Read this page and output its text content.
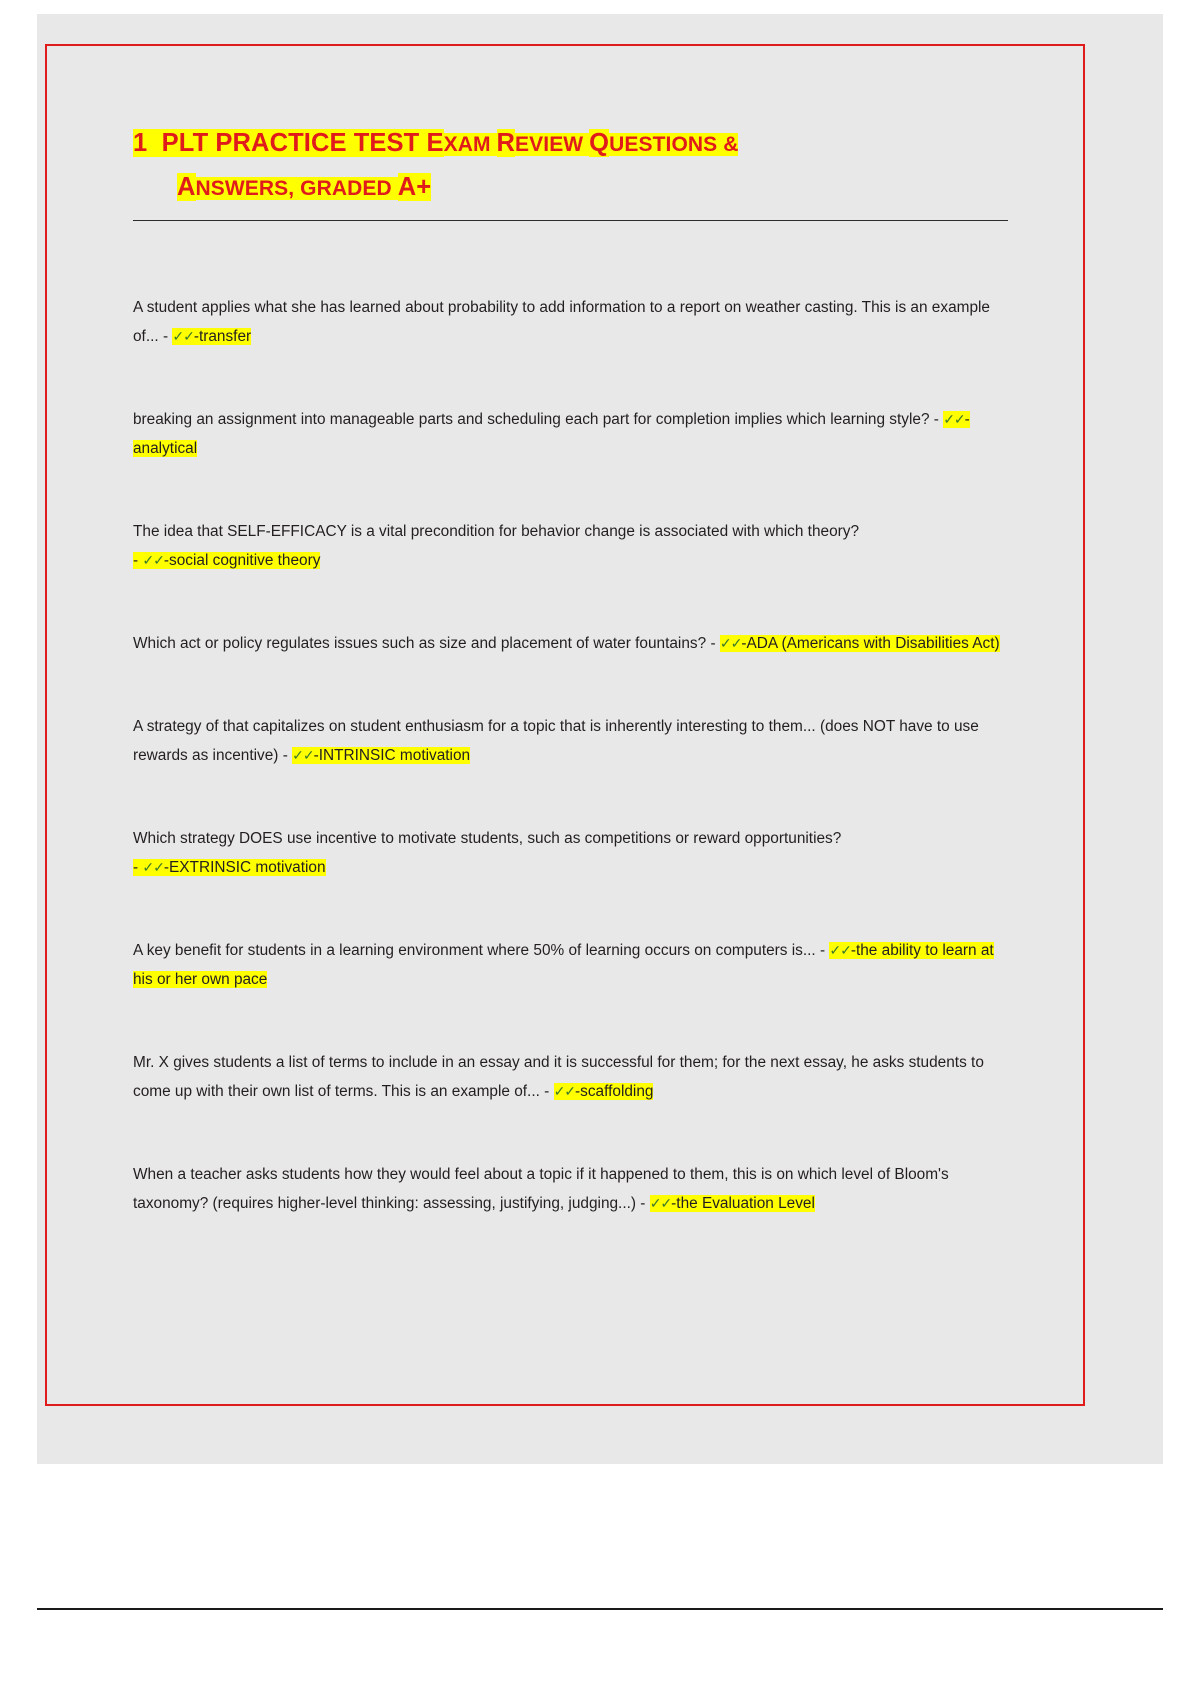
1 PLT PRACTICE TEST EXAM REVIEW QUESTIONS &
ANSWERS, GRADED A+
A student applies what she has learned about probability to add information to a report on weather casting. This is an example of... - ✓✓-transfer
breaking an assignment into manageable parts and scheduling each part for completion implies which learning style? - ✓✓-analytical
The idea that SELF-EFFICACY is a vital precondition for behavior change is associated with which theory?
- ✓✓-social cognitive theory
Which act or policy regulates issues such as size and placement of water fountains? - ✓✓-ADA (Americans with Disabilities Act)
A strategy of that capitalizes on student enthusiasm for a topic that is inherently interesting to them... (does NOT have to use rewards as incentive) - ✓✓-INTRINSIC motivation
Which strategy DOES use incentive to motivate students, such as competitions or reward opportunities?
- ✓✓-EXTRINSIC motivation
A key benefit for students in a learning environment where 50% of learning occurs on computers is... - ✓✓-the ability to learn at his or her own pace
Mr. X gives students a list of terms to include in an essay and it is successful for them; for the next essay, he asks students to come up with their own list of terms. This is an example of... - ✓✓-scaffolding
When a teacher asks students how they would feel about a topic if it happened to them, this is on which level of Bloom's taxonomy? (requires higher-level thinking: assessing, justifying, judging...) - ✓✓-the Evaluation Level
